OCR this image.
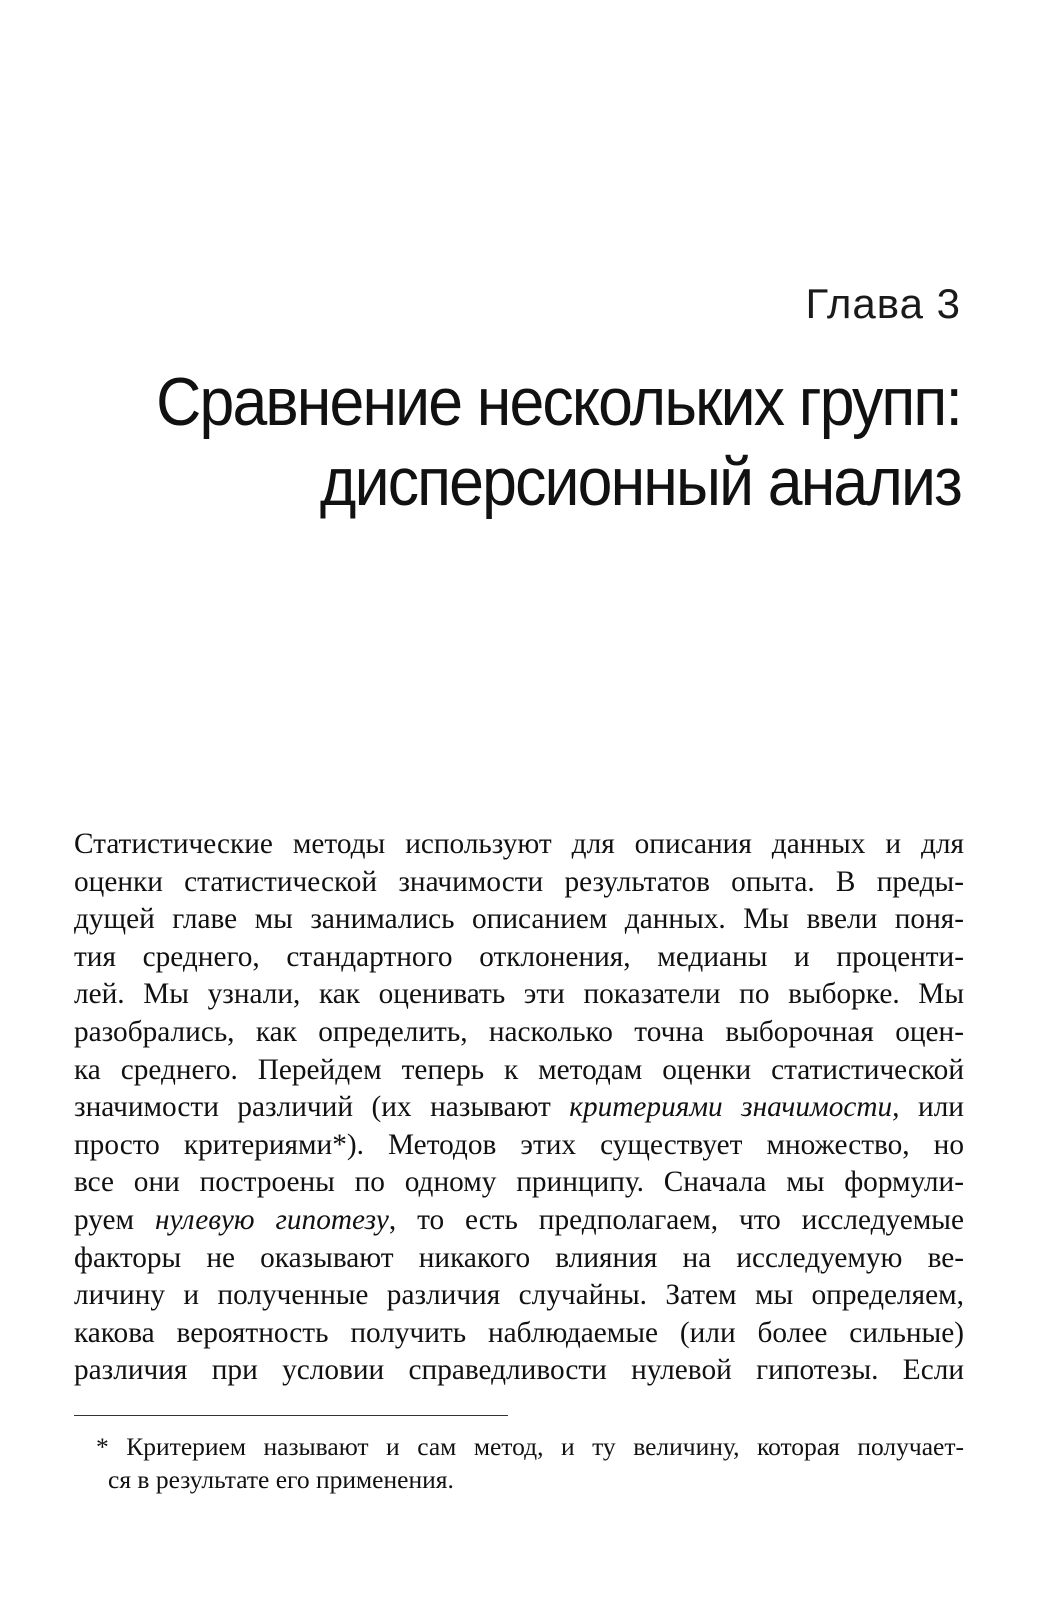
Глава 3
Сравнение нескольких групп:
дисперсионный анализ
Статистические методы используют для описания данных и для
оценки статистической значимости результатов опыта. В преды-
дущей главе мы занимались описанием данных. Мы ввели поня-
тия среднего, стандартного отклонения, медианы и проценти-
лей. Мы узнали, как оценивать эти показатели по выборке. Мы
разобрались, как определить, насколько точна выборочная оцен-
ка среднего. Перейдем теперь к методам оценки статистической
значимости различий (их называют критериями значимости, или
просто критериями*). Методов этих существует множество, но
все они построены по одному принципу. Сначала мы формули-
руем нулевую гипотезу, то есть предполагаем, что исследуемые
факторы не оказывают никакого влияния на исследуемую ве-
личину и полученные различия случайны. Затем мы определяем,
какова вероятность получить наблюдаемые (или более сильные)
различия при условии справедливости нулевой гипотезы. Если
* Критерием называют и сам метод, и ту величину, которая получает-
ся в результате его применения.
